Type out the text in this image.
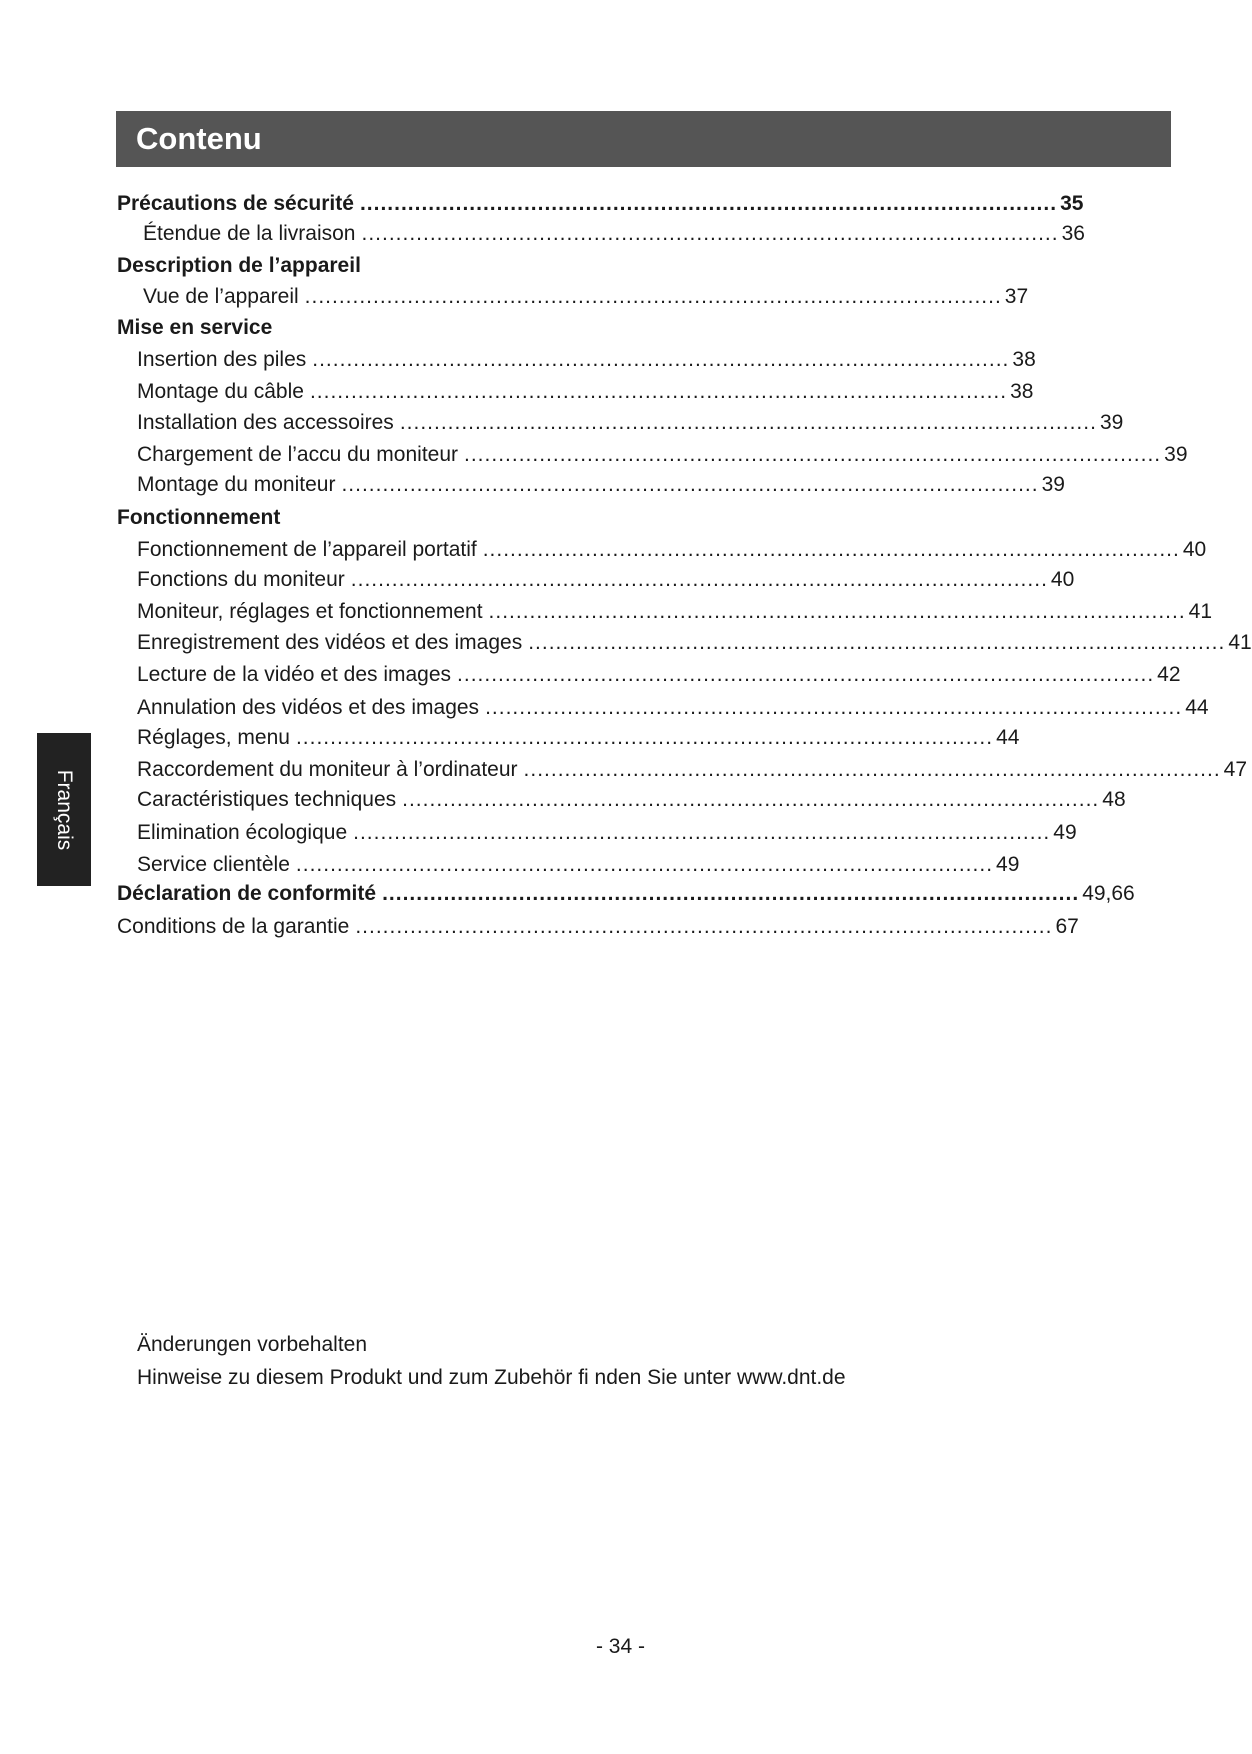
Contenu
Français
Précautions de sécurité ...................................................................................................... 35
Étendue de la livraison ...................................................................................................... 36
Description de l’appareil
Vue de l’appareil ...................................................................................................... 37
Mise en service
Insertion des piles ...................................................................................................... 38
Montage du câble ...................................................................................................... 38
Installation des accessoires ...................................................................................................... 39
Chargement de l’accu du moniteur ...................................................................................................... 39
Montage du moniteur ...................................................................................................... 39
Fonctionnement
Fonctionnement de l’appareil portatif ...................................................................................................... 40
Fonctions du moniteur ...................................................................................................... 40
Moniteur, réglages et fonctionnement ...................................................................................................... 41
Enregistrement des vidéos et des images ...................................................................................................... 41
Lecture de la vidéo et des images ...................................................................................................... 42
Annulation des vidéos et des images ...................................................................................................... 44
Réglages, menu ...................................................................................................... 44
Raccordement du moniteur à l’ordinateur ...................................................................................................... 47
Caractéristiques techniques ...................................................................................................... 48
Elimination écologique ...................................................................................................... 49
Service clientèle ...................................................................................................... 49
Déclaration de conformité ...................................................................................................... 49,66
Conditions de la garantie ...................................................................................................... 67
Änderungen vorbehalten
Hinweise zu diesem Produkt und zum Zubehör fi nden Sie unter www.dnt.de
- 34 -
